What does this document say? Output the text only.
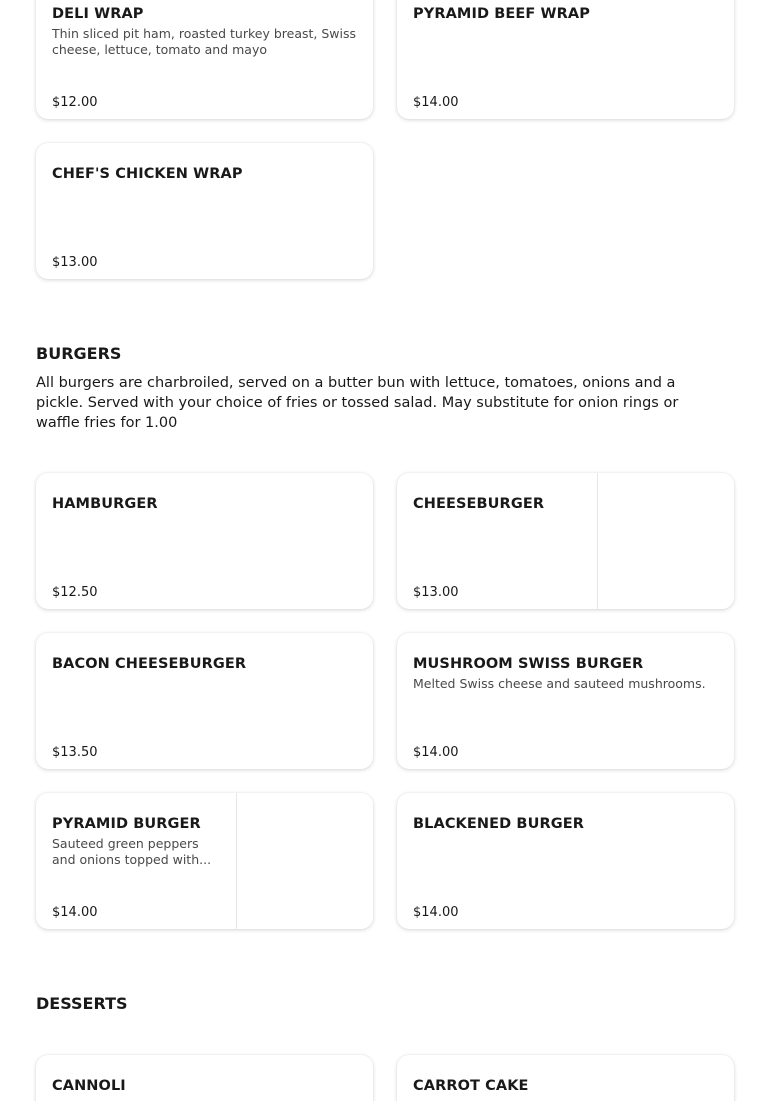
DELI WRAP
Thin sliced pit ham, roasted turkey breast, Swiss cheese, lettuce, tomato and mayo
$12.00
PYRAMID BEEF WRAP
$14.00
CHEF'S CHICKEN WRAP
$13.00
BURGERS
All burgers are charbroiled, served on a butter bun with lettuce, tomatoes, onions and a pickle. Served with your choice of fries or tossed salad. May substitute for onion rings or waffle fries for 1.00
HAMBURGER
$12.50
CHEESEBURGER
$13.00
BACON CHEESEBURGER
$13.50
MUSHROOM SWISS BURGER
Melted Swiss cheese and sauteed mushrooms.
$14.00
PYRAMID BURGER
Sauteed green peppers and onions topped with...
$14.00
BLACKENED BURGER
$14.00
DESSERTS
CANNOLI	CARROT CAKE
